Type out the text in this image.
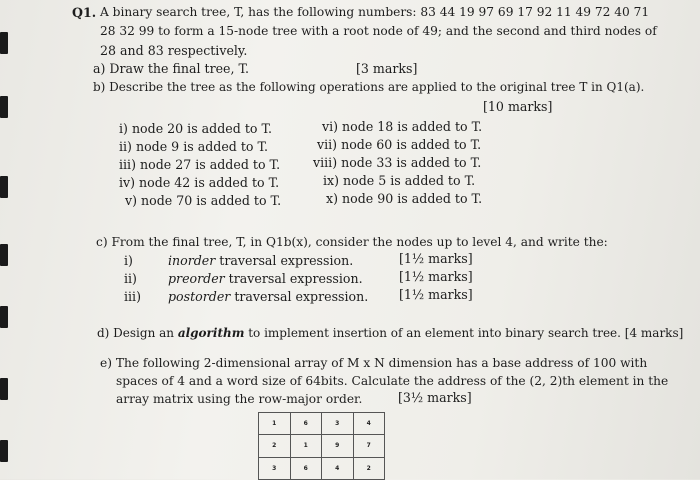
Q1. A binary search tree, T, has the following numbers: 83 44 19 97 69 17 92 11 49 72 40 71
28 32 99 to form a 15-node tree with a root node of 49; and the second and third nodes of
28 and 83 respectively.
a) Draw the final tree, T.	[3 marks]
b) Describe the tree as the following operations are applied to the original tree T in Q1(a).
[10 marks]
i) node 20 is added to T.
ii) node 9 is added to T.
iii) node 27 is added to T.
iv) node 42 is added to T.
v) node 70 is added to T.
vi) node 18 is added to T.
vii) node 60 is added to T.
viii) node 33 is added to T.
ix) node 5 is added to T.
x) node 90 is added to T.
c) From the final tree, T, in Q1b(x), consider the nodes up to level 4, and write the:
i)	inorder traversal expression.	[1½ marks]
ii) preorder traversal expression.	[1½ marks]
iii) postorder traversal expression. [1½ marks]
d) Design an algorithm to implement insertion of an element into binary search tree. [4 marks]
e) The following 2-dimensional array of M x N dimension has a base address of 100 with
spaces of 4 and a word size of 64bits. Calculate the address of the (2, 2)th element in the
array matrix using the row-major order.	[3½ marks]
1	6	3	4
2	1	9	7
3	6	4	2
